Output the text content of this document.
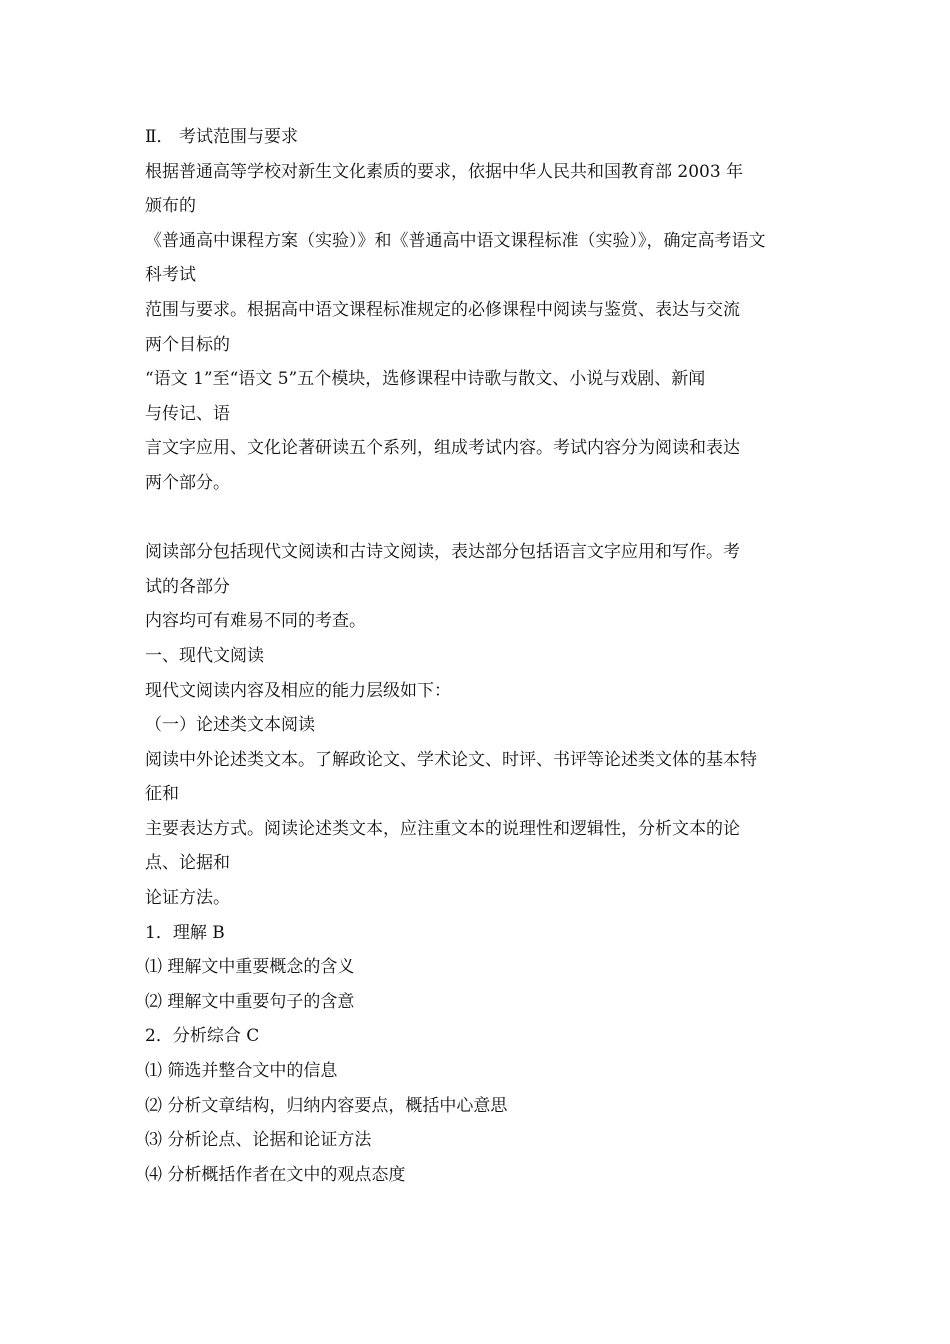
Ⅱ． 考试范围与要求
根据普通高等学校对新生文化素质的要求，依据中华人民共和国教育部 2003 年
颁布的
《普通高中课程方案（实验）》和《普通高中语文课程标准（实验）》，确定高考语文
科考试
范围与要求。根据高中语文课程标准规定的必修课程中阅读与鉴赏、表达与交流
两个目标的
“语文 1”至“语文 5”五个模块，选修课程中诗歌与散文、小说与戏剧、新闻
与传记、语
言文字应用、文化论著研读五个系列，组成考试内容。考试内容分为阅读和表达
两个部分。
阅读部分包括现代文阅读和古诗文阅读，表达部分包括语言文字应用和写作。考
试的各部分
内容均可有难易不同的考查。
一、现代文阅读
现代文阅读内容及相应的能力层级如下：
（一）论述类文本阅读
阅读中外论述类文本。了解政论文、学术论文、时评、书评等论述类文体的基本特
征和
主要表达方式。阅读论述类文本，应注重文本的说理性和逻辑性，分析文本的论
点、论据和
论证方法。
1．理解 B
⑴ 理解文中重要概念的含义
⑵ 理解文中重要句子的含意
2．分析综合 C
⑴ 筛选并整合文中的信息
⑵ 分析文章结构，归纳内容要点，概括中心意思
⑶ 分析论点、论据和论证方法
⑷ 分析概括作者在文中的观点态度
